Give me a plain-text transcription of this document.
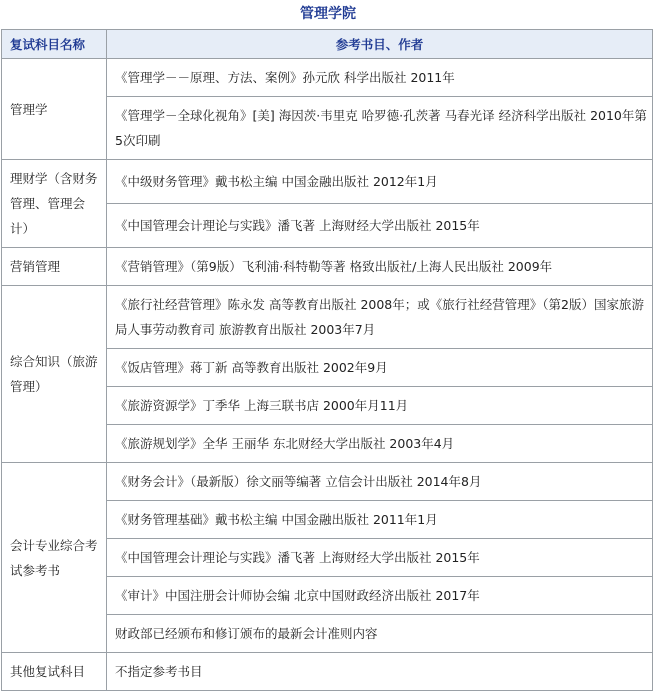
管理学院
复试科目名称	参考书目、作者
管理学	《管理学－－原理、方法、案例》孙元欣 科学出版社 2011年
	《管理学－全球化视角》[美] 海因茨·韦里克 哈罗德·孔茨著 马春光译 经济科学出版社 2010年第5次印刷
理财学（含财务管理、管理会计）	《中级财务管理》戴书松主编 中国金融出版社 2012年1月
	《中国管理会计理论与实践》潘飞著 上海财经大学出版社 2015年
营销管理	《营销管理》（第9版）飞利浦·科特勒等著 格致出版社/上海人民出版社 2009年
综合知识（旅游管理）	《旅行社经营管理》陈永发 高等教育出版社 2008年；或《旅行社经营管理》（第2版）国家旅游局人事劳动教育司 旅游教育出版社 2003年7月
	《饭店管理》蒋丁新 高等教育出版社 2002年9月
	《旅游资源学》丁季华 上海三联书店 2000年月11月
	《旅游规划学》全华 王丽华 东北财经大学出版社 2003年4月
会计专业综合考试参考书	《财务会计》（最新版）徐文丽等编著 立信会计出版社 2014年8月
	《财务管理基础》戴书松主编 中国金融出版社 2011年1月
	《中国管理会计理论与实践》潘飞著 上海财经大学出版社 2015年
	《审计》中国注册会计师协会编 北京中国财政经济出版社 2017年
	财政部已经颁布和修订颁布的最新会计准则内容
其他复试科目	不指定参考书目
